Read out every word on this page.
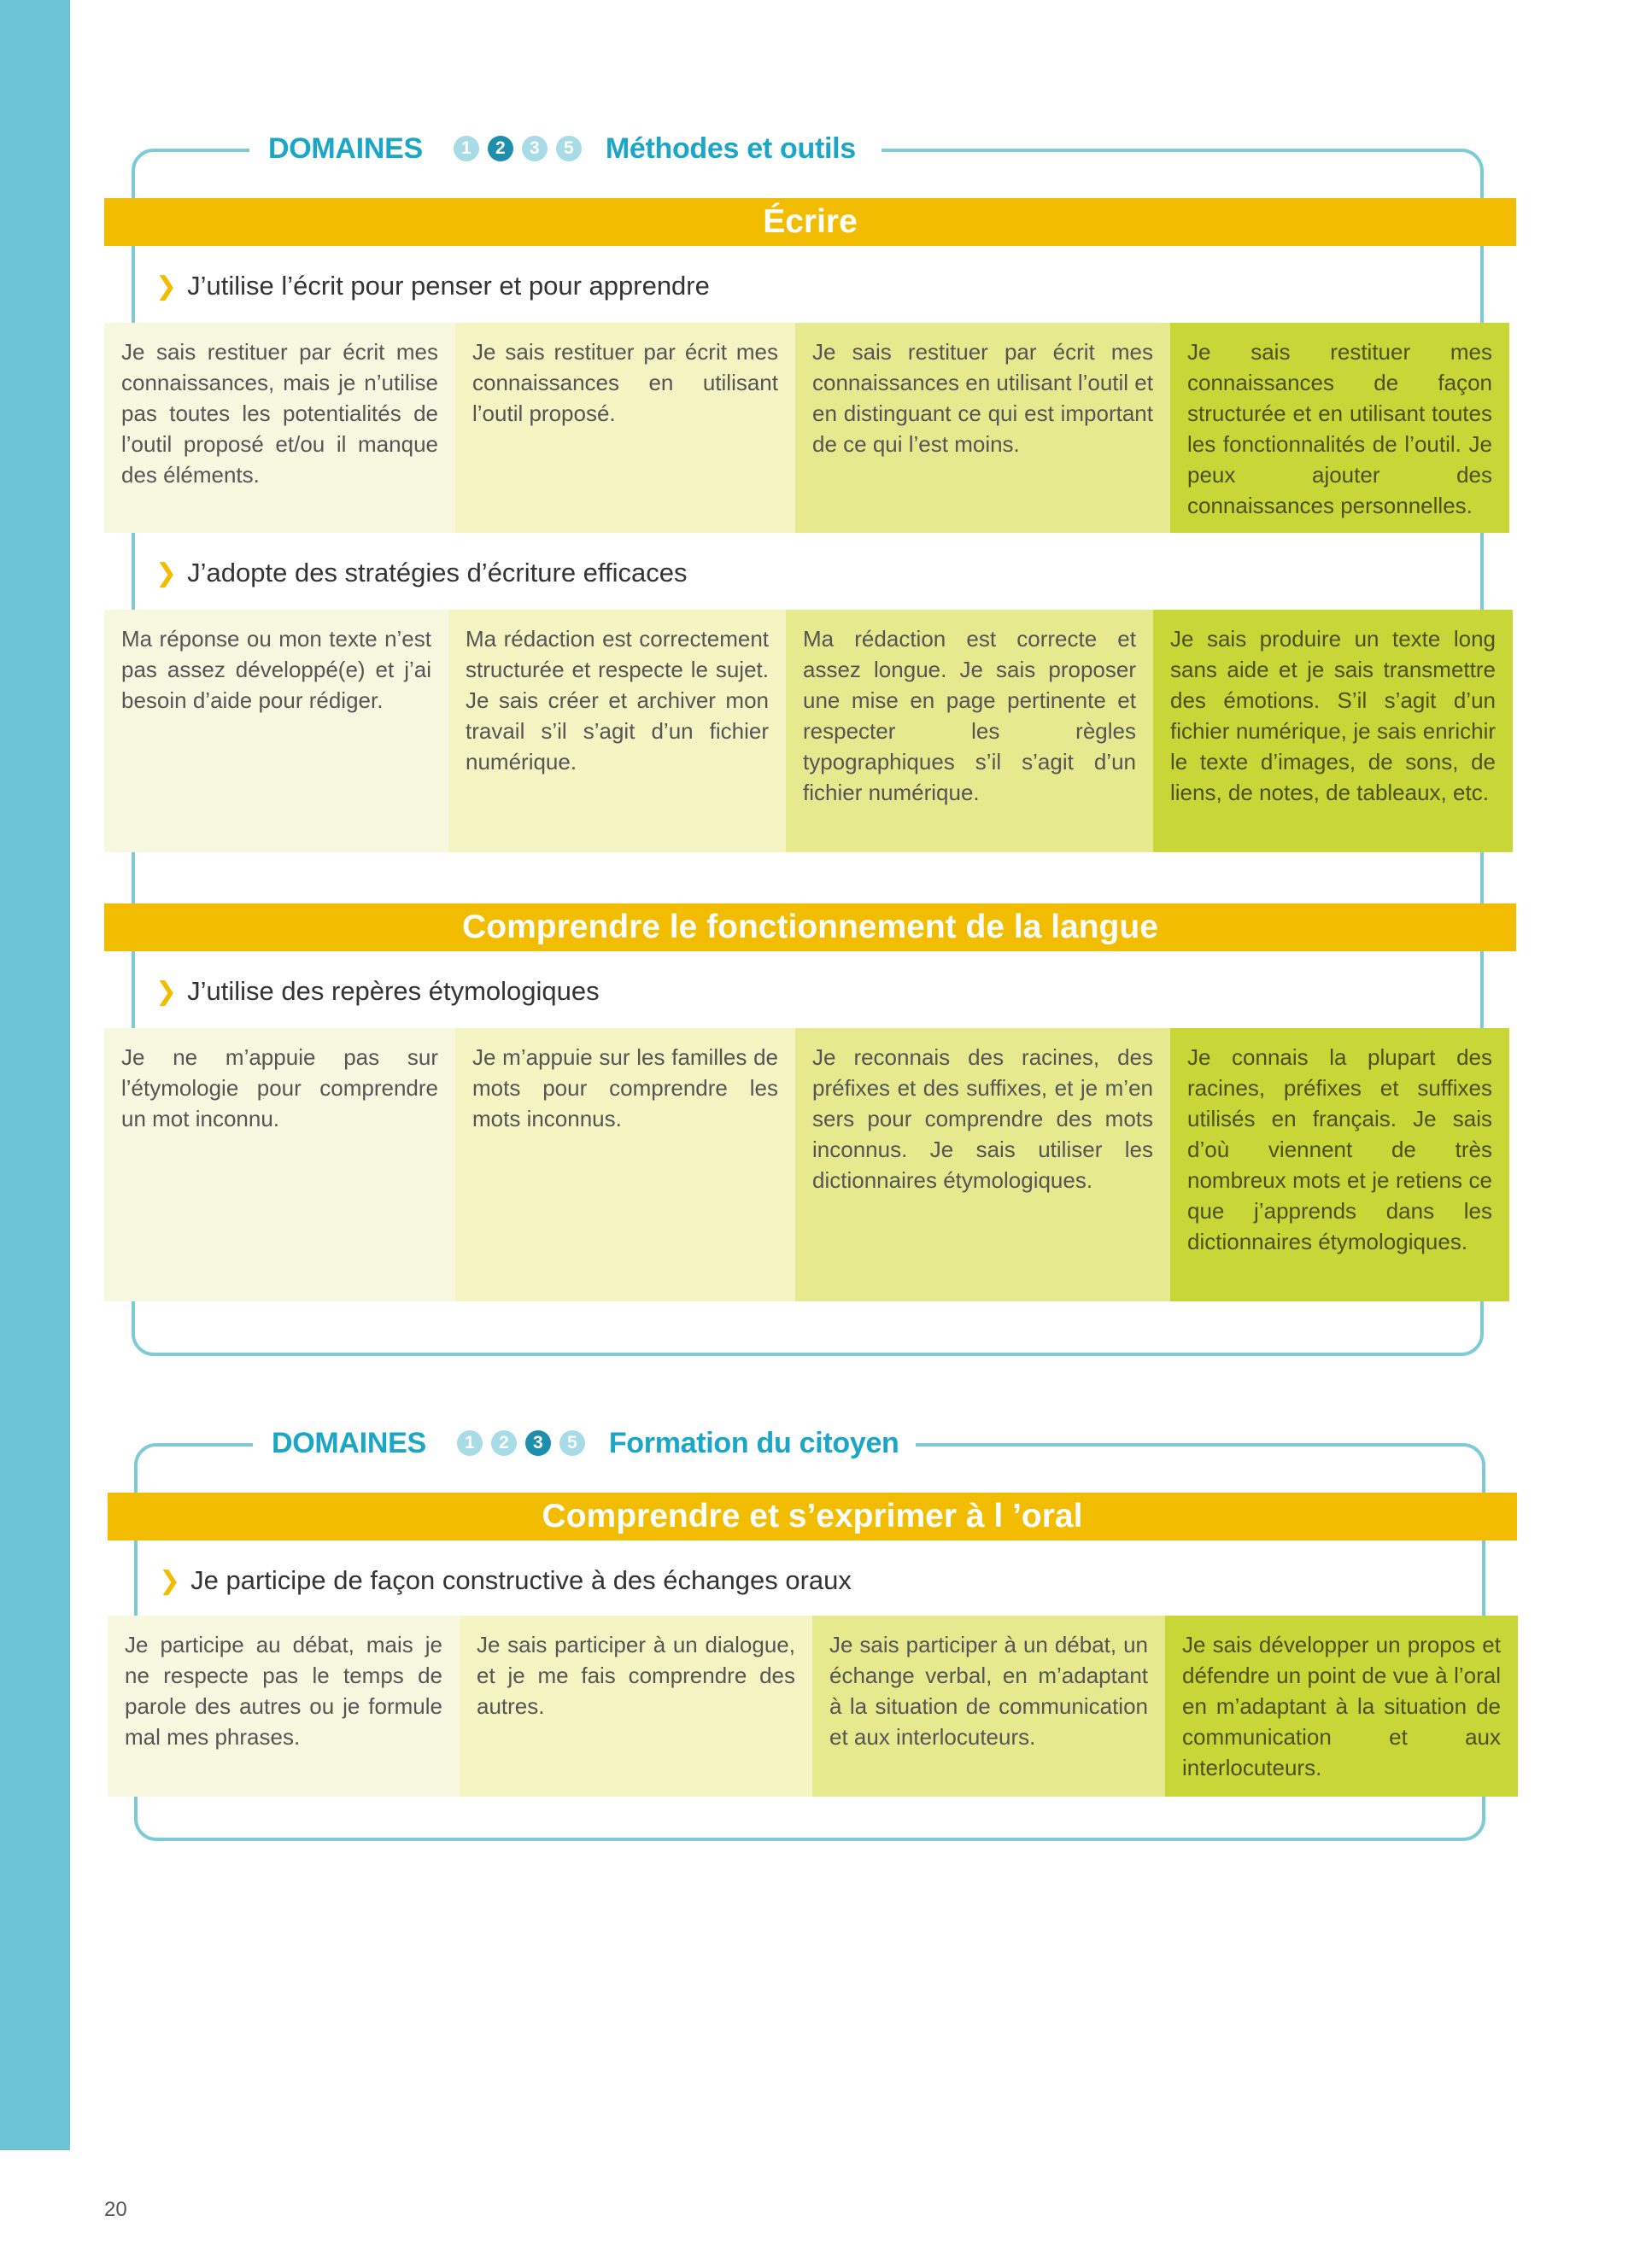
DOMAINES	1	2	3	5 Méthodes et outils
Écrire
❯ J’utilise l’écrit pour penser et pour apprendre
Je sais restituer par écrit mes connaissances, mais je n’utilise pas toutes les potentialités de l’outil proposé et/ou il manque des éléments.
Je sais restituer par écrit mes connaissances en utilisant l’outil proposé.
Je sais restituer par écrit mes connaissances en utilisant l’outil et en distinguant ce qui est important de ce qui l’est moins.
Je sais restituer mes connaissances de façon structurée et en utilisant toutes les fonctionnalités de l’outil. Je peux ajouter des connaissances personnelles.
❯ J’adopte des stratégies d’écriture efficaces
Ma réponse ou mon texte n’est pas assez développé(e) et j’ai besoin d’aide pour rédiger.
Ma rédaction est correctement structurée et respecte le sujet. Je sais créer et archiver mon travail s’il s’agit d’un fichier numérique.
Ma rédaction est correcte et assez longue. Je sais proposer une mise en page pertinente et respecter les règles typographiques s’il s’agit d’un fichier numérique.
Je sais produire un texte long sans aide et je sais transmettre des émotions. S’il s’agit d’un fichier numérique, je sais enrichir le texte d’images, de sons, de liens, de notes, de tableaux, etc.
Comprendre le fonctionnement de la langue
❯ J’utilise des repères étymologiques
Je ne m’appuie pas sur l’étymologie pour comprendre un mot inconnu.
Je m’appuie sur les familles de mots pour comprendre les mots inconnus.
Je reconnais des racines, des préfixes et des suffixes, et je m’en sers pour comprendre des mots inconnus. Je sais utiliser les dictionnaires étymologiques.
Je connais la plupart des racines, préfixes et suffixes utilisés en français. Je sais d’où viennent de très nombreux mots et je retiens ce que j’apprends dans les dictionnaires étymologiques.
DOMAINES	1	2	3	5 Formation du citoyen
Comprendre et s’exprimer à l ’oral
❯ Je participe de façon constructive à des échanges oraux
Je participe au débat, mais je ne respecte pas le temps de parole des autres ou je formule mal mes phrases.
Je sais participer à un dialogue, et je me fais comprendre des autres.
Je sais participer à un débat, un échange verbal, en m’adaptant à la situation de communication et aux interlocuteurs.
Je sais développer un propos et défendre un point de vue à l’oral en m’adaptant à la situation de communication et aux interlocuteurs.
20
